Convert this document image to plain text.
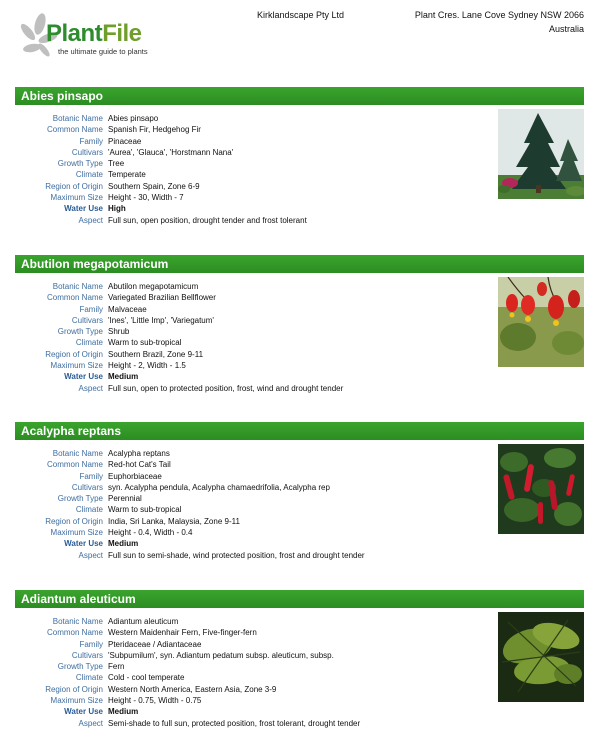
PlantFile
the ultimate guide to plants
Kirklandscape Pty Ltd	Plant Cres. Lane Cove Sydney NSW 2066
Australia
Abies pinsapo
Botanic Name Abies pinsapo
Common Name Spanish Fir, Hedgehog Fir
Family Pinaceae
Cultivars 'Aurea', 'Glauca', 'Horstmann Nana'
Growth Type Tree
Climate Temperate
Region of Origin Southern Spain, Zone 6-9
Maximum Size Height - 30, Width - 7
Water Use High
Aspect Full sun, open position, drought tender and frost tolerant
Abutilon megapotamicum
Botanic Name Abutilon megapotamicum
Common Name Variegated Brazilian Bellflower
Family Malvaceae
Cultivars 'Ines', 'Little Imp', 'Variegatum'
Growth Type Shrub
Climate Warm to sub-tropical
Region of Origin Southern Brazil, Zone 9-11
Maximum Size Height - 2, Width - 1.5
Water Use Medium
Aspect Full sun, open to protected position, frost, wind and drought tender
Acalypha reptans
Botanic Name Acalypha reptans
Common Name Red-hot Cat's Tail
Family Euphorbiaceae
Cultivars syn. Acalypha pendula, Acalypha chamaedrifolia, Acalypha rep
Growth Type Perennial
Climate Warm to sub-tropical
Region of Origin India, Sri Lanka, Malaysia, Zone 9-11
Maximum Size Height - 0.4, Width - 0.4
Water Use Medium
Aspect Full sun to semi-shade, wind protected position, frost and drought tender
Adiantum aleuticum
Botanic Name Adiantum aleuticum
Common Name Western Maidenhair Fern, Five-finger-fern
Family Pteridaceae / Adiantaceae
Cultivars 'Subpumilum', syn. Adiantum pedatum subsp. aleuticum, subsp.
Growth Type Fern
Climate Cold - cool temperate
Region of Origin Western North America, Eastern Asia, Zone 3-9
Maximum Size Height - 0.75, Width - 0.75
Water Use Medium
Aspect Semi-shade to full sun, protected position, frost tolerant, drought tender
